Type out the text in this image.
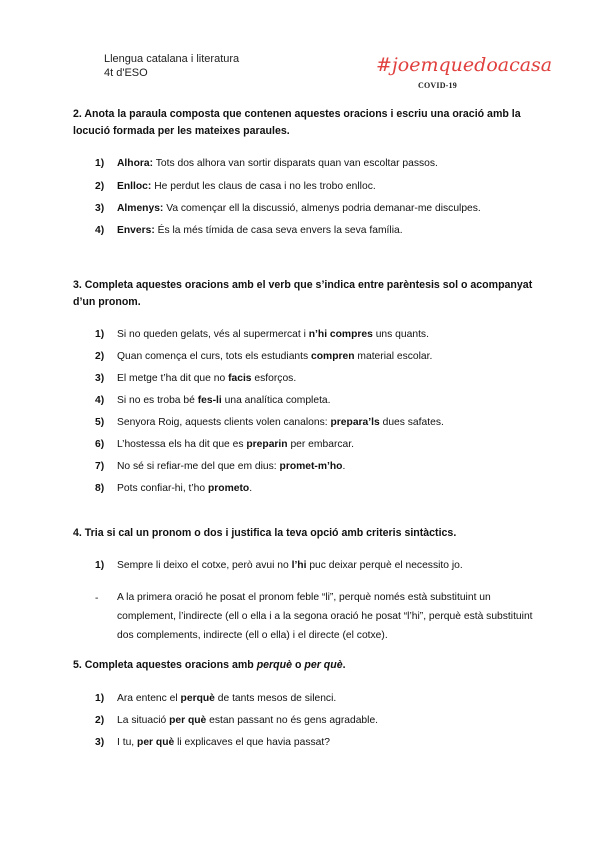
Llengua catalana i literatura
4t d'ESO	#joemquedoacasa
COVID-19
2. Anota la paraula composta que contenen aquestes oracions i escriu una oració amb la locució formada per les mateixes paraules.
1) Alhora: Tots dos alhora van sortir disparats quan van escoltar passos.
2) Enlloc: He perdut les claus de casa i no les trobo enlloc.
3) Almenys: Va començar ell la discussió, almenys podria demanar-me disculpes.
4) Envers: És la més tímida de casa seva envers la seva família.
3. Completa aquestes oracions amb el verb que s’indica entre parèntesis sol o acompanyat d’un pronom.
1) Si no queden gelats, vés al supermercat i n’hi compres uns quants.
2) Quan comença el curs, tots els estudiants compren material escolar.
3) El metge t’ha dit que no facis esforços.
4) Si no es troba bé fes-li una analítica completa.
5) Senyora Roig, aquests clients volen canalons: prepara’ls dues safates.
6) L’hostessa els ha dit que es preparin per embarcar.
7) No sé si refiar-me del que em dius: promet-m’ho.
8) Pots confiar-hi, t’ho prometo.
4. Tria si cal un pronom o dos i justifica la teva opció amb criteris sintàctics.
1) Sempre li deixo el cotxe, però avui no l’hi puc deixar perquè el necessito jo.
- A la primera oració he posat el pronom feble “li”, perquè només està substituint un complement, l’indirecte (ell o ella i a la segona oració he posat “l’hi”, perquè està substituint dos complements, indirecte (ell o ella) i el directe (el cotxe).
5. Completa aquestes oracions amb perquè o per què.
1) Ara entenc el perquè de tants mesos de silenci.
2) La situació per què estan passant no és gens agradable.
3) I tu, per què li explicaves el que havia passat?
